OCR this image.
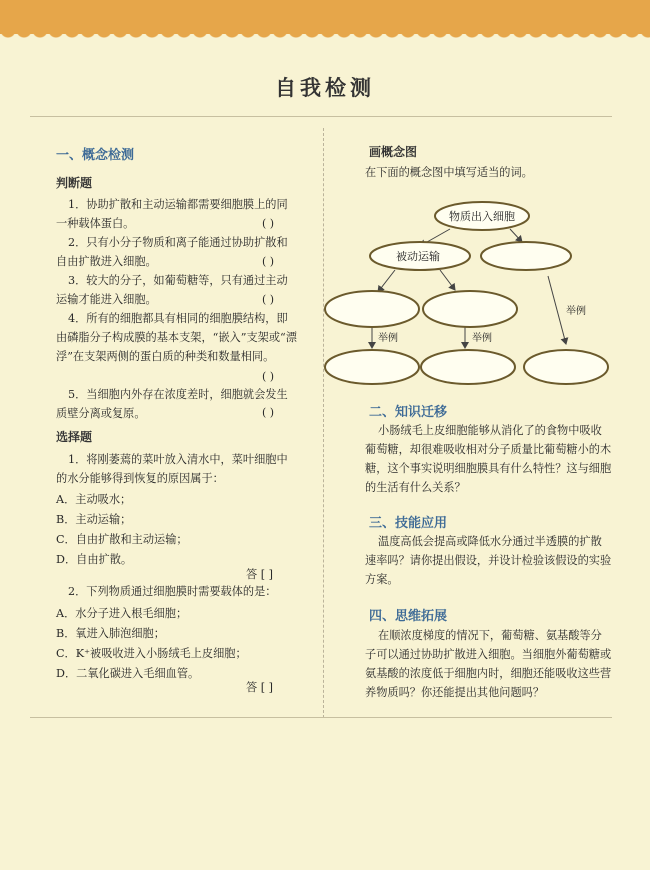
自我检测
一、概念检测
判断题
1．协助扩散和主动运输都需要细胞膜上的同
一种载体蛋白。	( )
2．只有小分子物质和离子能通过协助扩散和
自由扩散进入细胞。	( )
3．较大的分子，如葡萄糖等，只有通过主动
运输才能进入细胞。	( )
4．所有的细胞都具有相同的细胞膜结构，即
由磷脂分子构成膜的基本支架，“嵌入”支架或“漂
浮”在支架两侧的蛋白质的种类和数量相同。
( )
5．当细胞内外存在浓度差时，细胞就会发生
质壁分离或复原。	( )
选择题
1．将刚萎蔫的菜叶放入清水中，菜叶细胞中
的水分能够得到恢复的原因属于：
A．主动吸水；
B．主动运输；
C．自由扩散和主动运输；
D．自由扩散。
答 [ ]
2．下列物质通过细胞膜时需要载体的是：
A．水分子进入根毛细胞；
B．氧进入肺泡细胞；
C．K⁺被吸收进入小肠绒毛上皮细胞；
D．二氧化碳进入毛细血管。
答 [ ]
画概念图
在下面的概念图中填写适当的词。
物质出入细胞
被动运输
举例	举例
举例
二、知识迁移
小肠绒毛上皮细胞能够从消化了的食物中吸收
葡萄糖，却很难吸收相对分子质量比葡萄糖小的木
糖，这个事实说明细胞膜具有什么特性？这与细胞
的生活有什么关系？
三、技能应用
温度高低会提高或降低水分通过半透膜的扩散
速率吗？请你提出假设，并设计检验该假设的实验
方案。
四、思维拓展
在顺浓度梯度的情况下，葡萄糖、氨基酸等分
子可以通过协助扩散进入细胞。当细胞外葡萄糖或
氨基酸的浓度低于细胞内时，细胞还能吸收这些营
养物质吗？你还能提出其他问题吗？
